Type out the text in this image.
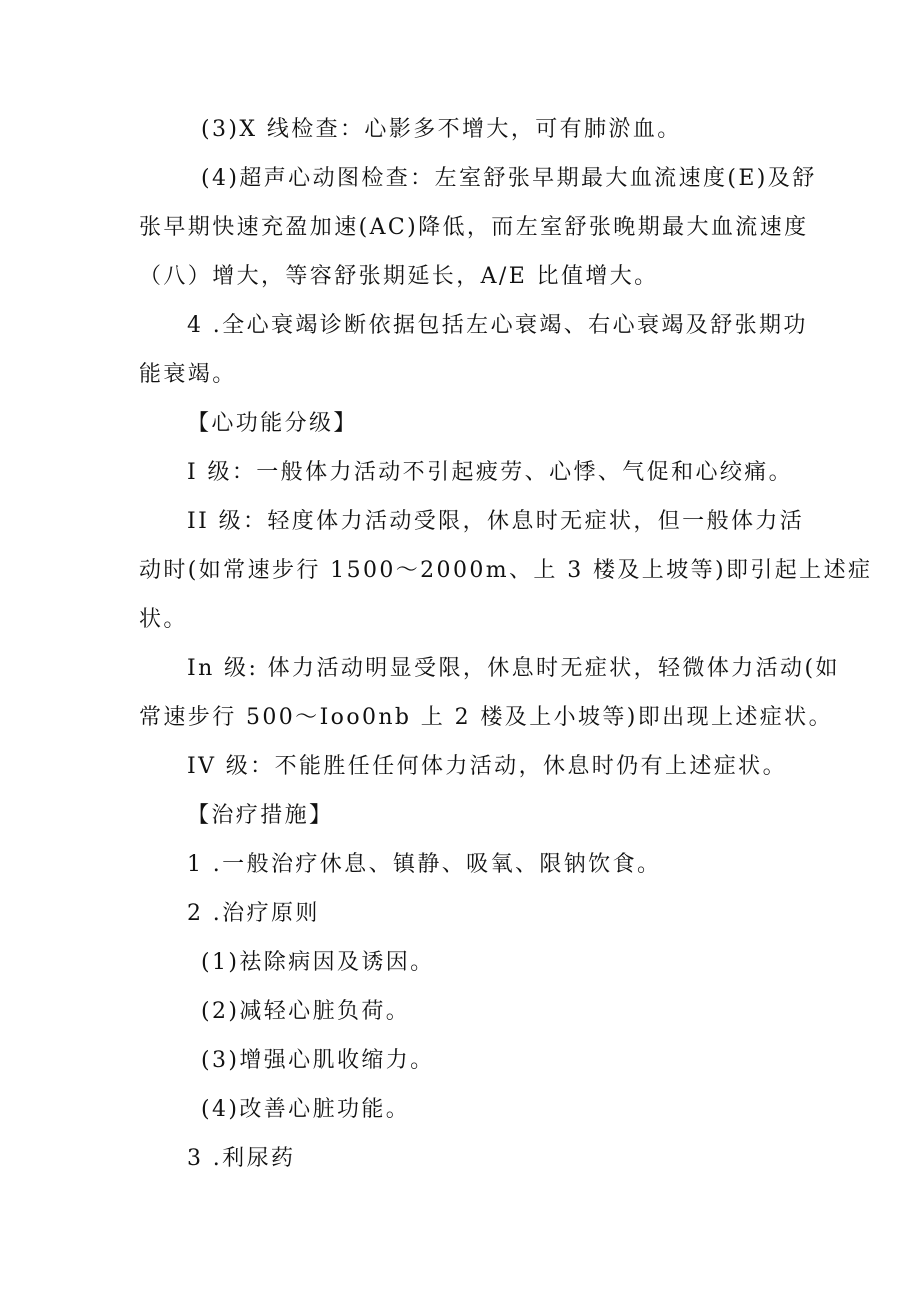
(3)X 线检查：心影多不增大，可有肺淤血。
(4)超声心动图检查：左室舒张早期最大血流速度(E)及舒
张早期快速充盈加速(AC)降低，而左室舒张晚期最大血流速度
（八）增大，等容舒张期延长，A/E 比值增大。
4 .全心衰竭诊断依据包括左心衰竭、右心衰竭及舒张期功
能衰竭。
【心功能分级】
I 级：一般体力活动不引起疲劳、心悸、气促和心绞痛。
II 级：轻度体力活动受限，休息时无症状，但一般体力活
动时(如常速步行 1500～2000m、上 3 楼及上坡等)即引起上述症
状。
In 级: 体力活动明显受限，休息时无症状，轻微体力活动(如
常速步行 500～Ioo0nb 上 2 楼及上小坡等)即出现上述症状。
IV 级：不能胜任任何体力活动，休息时仍有上述症状。
【治疗措施】
1 .一般治疗休息、镇静、吸氧、限钠饮食。
2 .治疗原则
(1)祛除病因及诱因。
(2)减轻心脏负荷。
(3)增强心肌收缩力。
(4)改善心脏功能。
3 .利尿药
